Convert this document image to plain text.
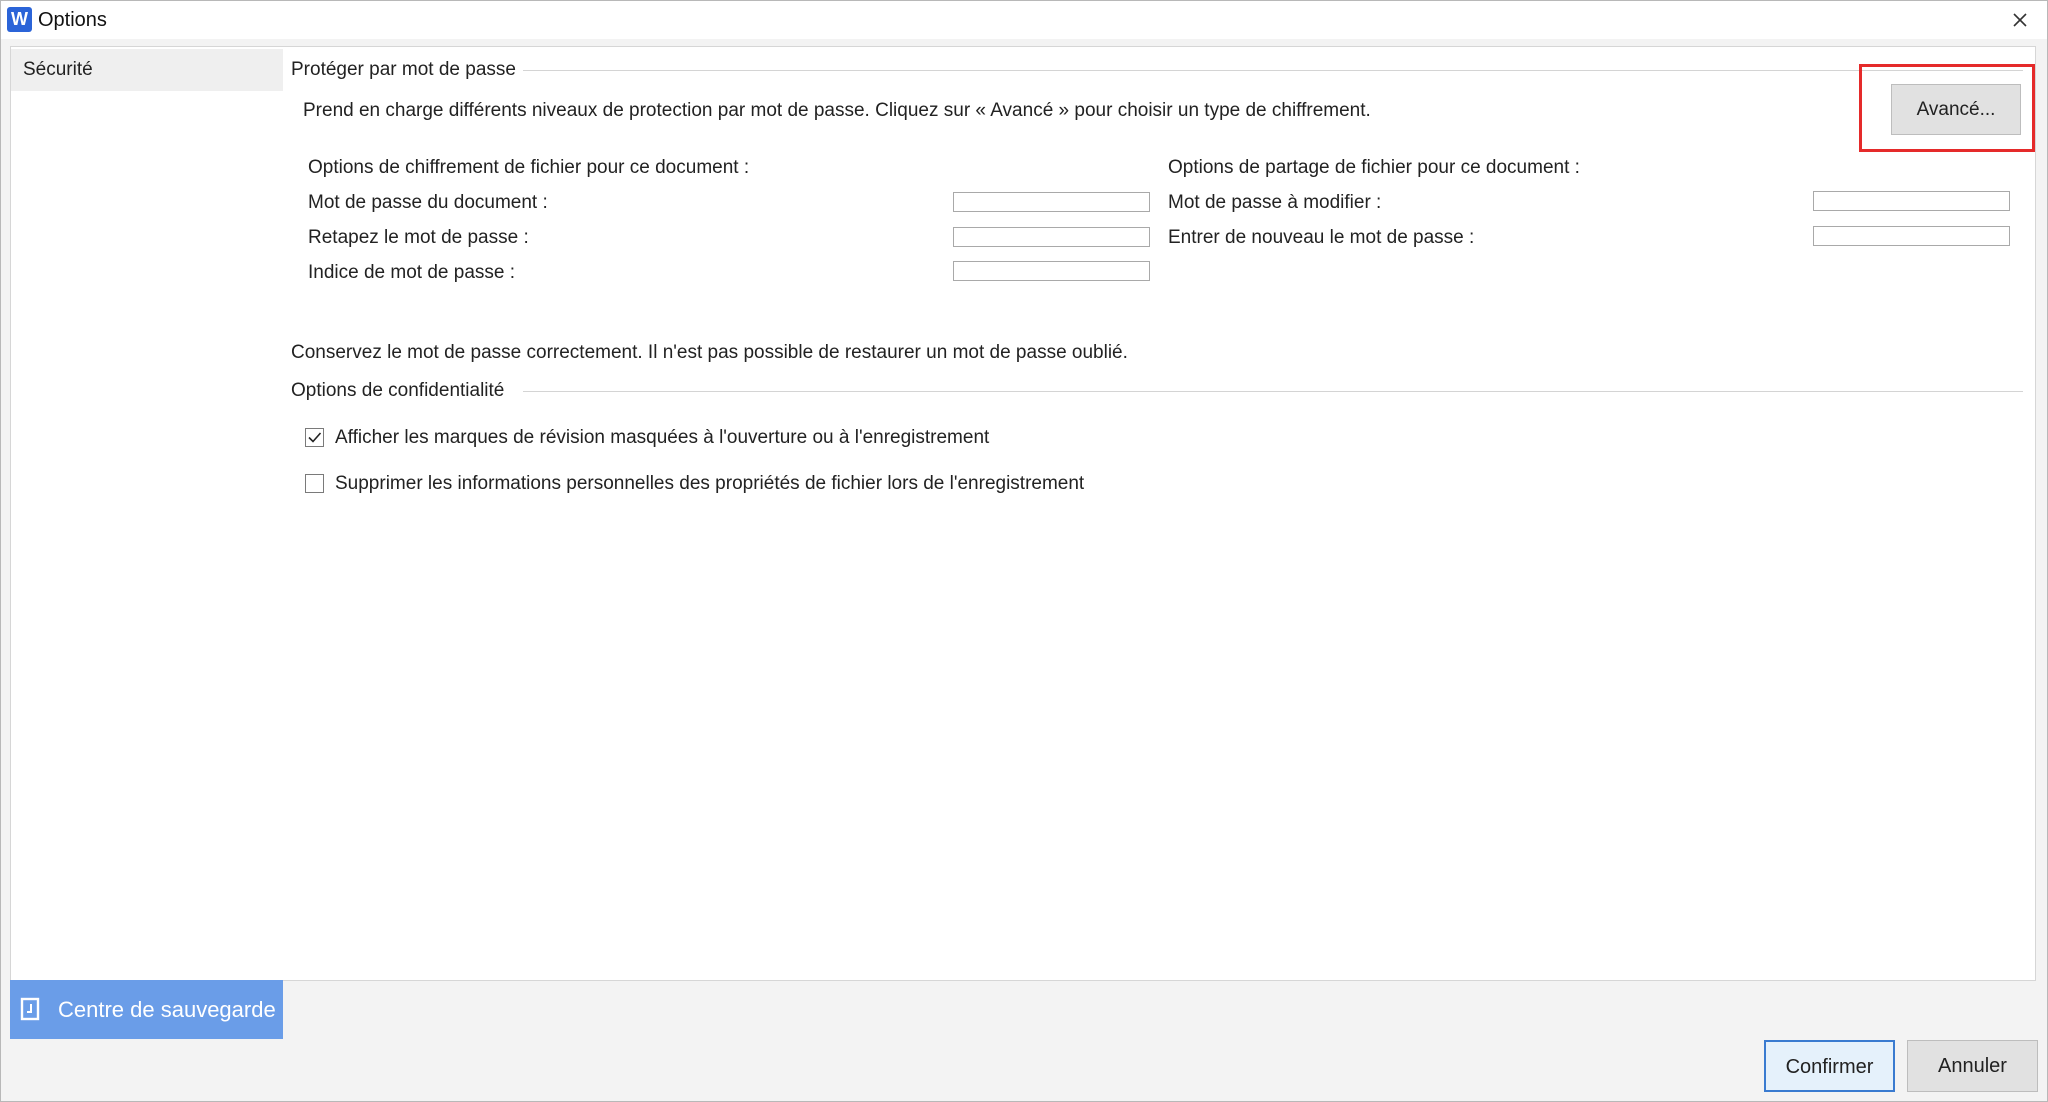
W Options
Sécurité
Centre de sauvegarde
Protéger par mot de passe
Prend en charge différents niveaux de protection par mot de passe. Cliquez sur « Avancé » pour choisir un type de chiffrement.	Avancé...
Options de chiffrement de fichier pour ce document :
Mot de passe du document :
Retapez le mot de passe :
Indice de mot de passe :
Options de partage de fichier pour ce document :
Mot de passe à modifier :
Entrer de nouveau le mot de passe :
Conservez le mot de passe correctement. Il n'est pas possible de restaurer un mot de passe oublié.
Options de confidentialité
Afficher les marques de révision masquées à l'ouverture ou à l'enregistrement
Supprimer les informations personnelles des propriétés de fichier lors de l'enregistrement
Confirmer	Annuler
